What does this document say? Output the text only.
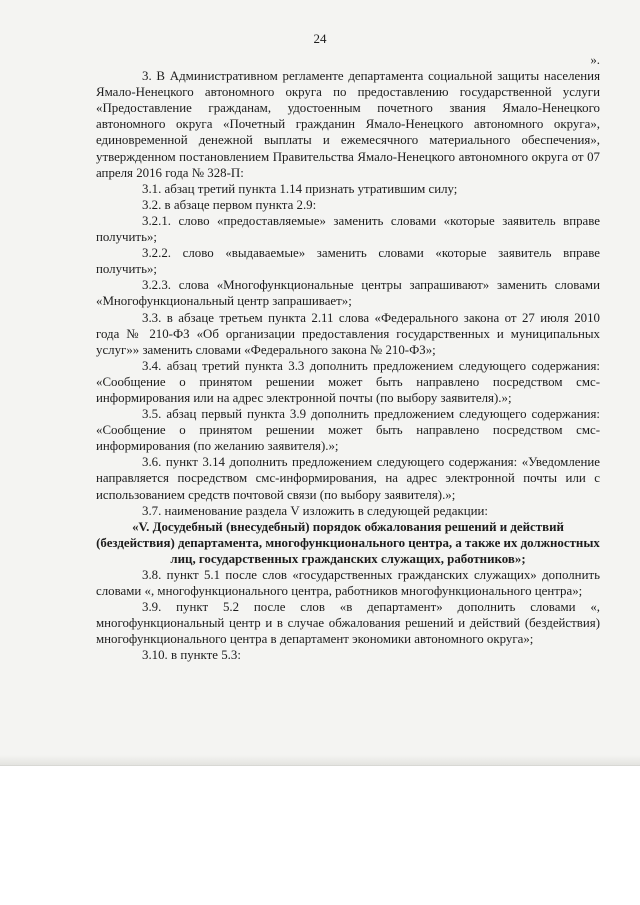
24

».

3. В Административном регламенте департамента социальной защиты населения Ямало-Ненецкого автономного округа по предоставлению государственной услуги «Предоставление гражданам, удостоенным почетного звания Ямало-Ненецкого автономного округа «Почетный гражданин Ямало-Ненецкого автономного округа», единовременной денежной выплаты и ежемесячного материального обеспечения», утвержденном постановлением Правительства Ямало-Ненецкого автономного округа от 07 апреля 2016 года № 328-П:

3.1. абзац третий пункта 1.14 признать утратившим силу;

3.2. в абзаце первом пункта 2.9:

3.2.1. слово «предоставляемые» заменить словами «которые заявитель вправе получить»;

3.2.2. слово «выдаваемые» заменить словами «которые заявитель вправе получить»;

3.2.3. слова «Многофункциональные центры запрашивают» заменить словами «Многофункциональный центр запрашивает»;

3.3. в абзаце третьем пункта 2.11 слова «Федерального закона от 27 июля 2010 года № 210-ФЗ «Об организации предоставления государственных и муниципальных услуг»» заменить словами «Федерального закона № 210-ФЗ»;

3.4. абзац третий пункта 3.3 дополнить предложением следующего содержания: «Сообщение о принятом решении может быть направлено посредством смс-информирования или на адрес электронной почты (по выбору заявителя).»;

3.5. абзац первый пункта 3.9 дополнить предложением следующего содержания: «Сообщение о принятом решении может быть направлено посредством смс-информирования (по желанию заявителя).»;

3.6. пункт 3.14 дополнить предложением следующего содержания: «Уведомление направляется посредством смс-информирования, на адрес электронной почты или с использованием средств почтовой связи (по выбору заявителя).»;

3.7. наименование раздела V изложить в следующей редакции:

«V. Досудебный (внесудебный) порядок обжалования решений и действий (бездействия) департамента, многофункционального центра, а также их должностных лиц, государственных гражданских служащих, работников»;

3.8. пункт 5.1 после слов «государственных гражданских служащих» дополнить словами «, многофункционального центра, работников многофункционального центра»;

3.9. пункт 5.2 после слов «в департамент» дополнить словами «, многофункциональный центр и в случае обжалования решений и действий (бездействия) многофункционального центра в департамент экономики автономного округа»;

3.10. в пункте 5.3:
